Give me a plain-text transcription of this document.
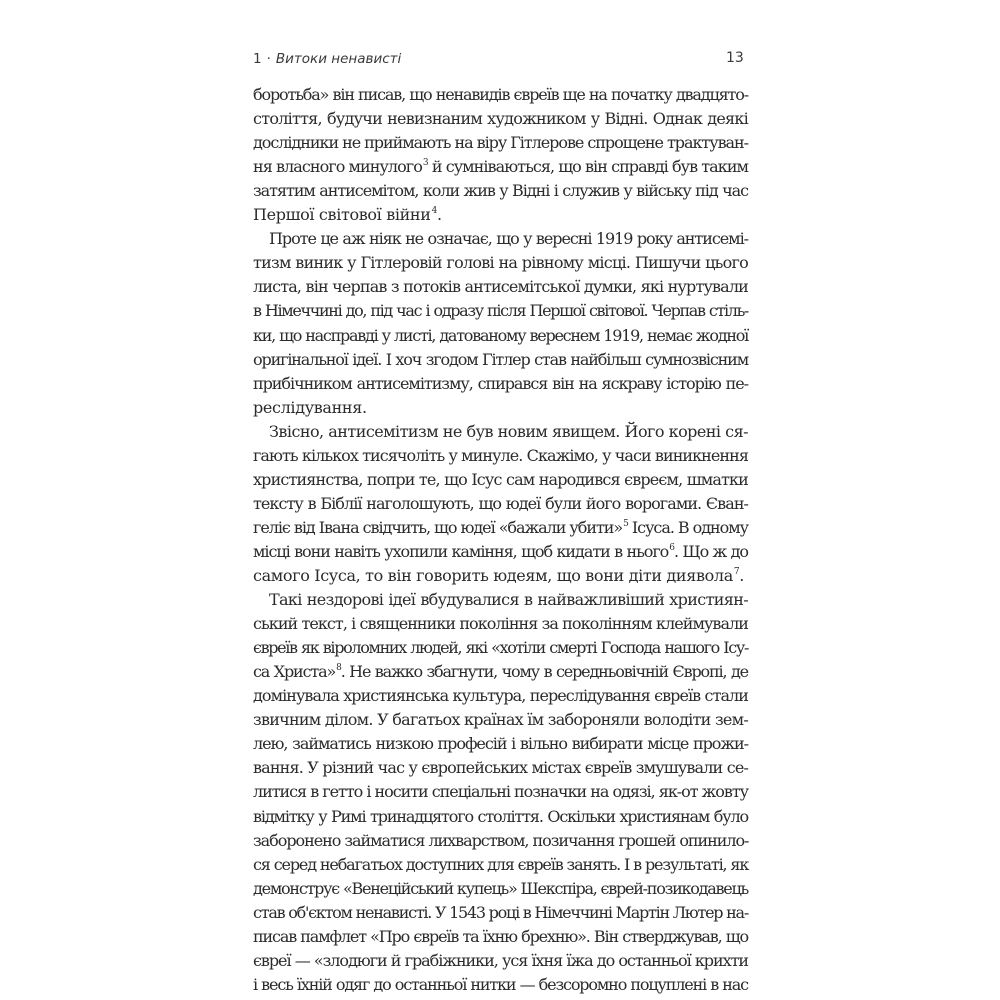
1 · Витоки ненависті	13
боротьба» він писав, що ненавидів євреїв ще на початку двадцято-
століття, будучи невизнаним художником у Відні. Однак деякі
дослідники не приймають на віру Гітлерове спрощене трактуван-
ня власного минулого$^3$ й сумніваються, що він справді був таким
затятим антисемітом, коли жив у Відні і служив у війську під час
Першої світової війни$^4$.
Проте це аж ніяк не означає, що у вересні 1919 року антисемі-
тизм виник у Гітлеровій голові на рівному місці. Пишучи цього
листа, він черпав з потоків антисемітської думки, які нуртували
в Німеччині до, під час і одразу після Першої світової. Черпав стіль-
ки, що насправді у листі, датованому вереснем 1919, немає жодної
оригінальної ідеї. І хоч згодом Гітлер став найбільш сумнозвісним
прибічником антисемітизму, спирався він на яскраву історію пе-
реслідування.
Звісно, антисемітизм не був новим явищем. Його корені ся-
гають кількох тисячоліть у минуле. Скажімо, у часи виникнення
християнства, попри те, що Ісус сам народився євреєм, шматки
тексту в Біблії наголошують, що юдеї були його ворогами. Єван-
геліє від Івана свідчить, що юдеї «бажали убити»$^5$ Ісуса. В одному
місці вони навіть ухопили каміння, щоб кидати в нього$^6$. Що ж до
самого Ісуса, то він говорить юдеям, що вони діти диявола$^7$.
Такі нездорові ідеї вбудувалися в найважливіший християн-
ський текст, і священники покоління за поколінням клеймували
євреїв як віроломних людей, які «хотіли смерті Господа нашого Ісу-
са Христа»$^8$. Не важко збагнути, чому в середньовічній Європі, де
домінувала християнська культура, переслідування євреїв стали
звичним ділом. У багатьох країнах їм забороняли володіти зем-
лею, займатись низкою професій і вільно вибирати місце прожи-
вання. У різний час у європейських містах євреїв змушували се-
литися в гетто і носити спеціальні позначки на одязі, як-от жовту
відмітку у Римі тринадцятого століття. Оскільки християнам було
заборонено займатися лихварством, позичання грошей опинило-
ся серед небагатьох доступних для євреїв занять. І в результаті, як
демонструє «Венеційський купець» Шекспіра, єврей-позикодавець
став об'єктом ненависті. У 1543 році в Німеччині Мартін Лютер на-
писав памфлет «Про євреїв та їхню брехню». Він стверджував, що
євреї — «злодюги й грабіжники, уся їхня їжа до останньої крихти
і весь їхній одяг до останньої нитки — безсоромно поцуплені в нас
